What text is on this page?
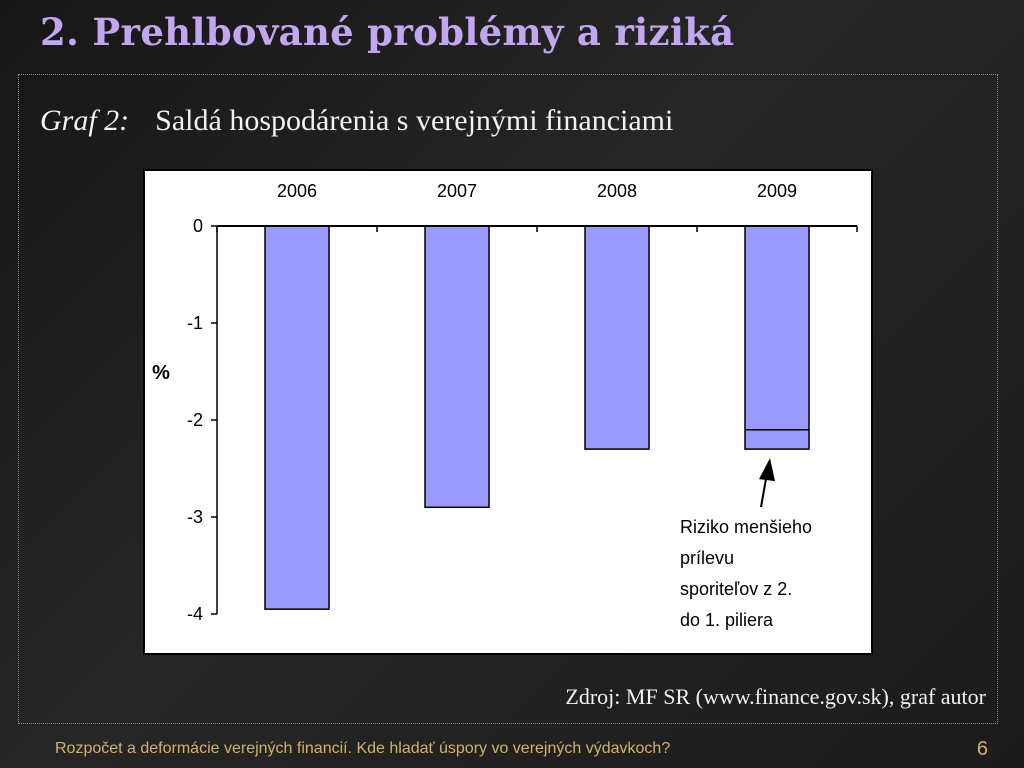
2. Prehlbované problémy a riziká
Graf 2: Saldá hospodárenia s verejnými financiami
0
-1
-2
-3
-4
%
2006	2007	2008	2009
Riziko menšieho
prílevu
sporiteľov z 2.
do 1. piliera
Zdroj: MF SR (www.finance.gov.sk), graf autor
Rozpočet a deformácie verejných financií. Kde hladať úspory vo verejných výdavkoch?	6
